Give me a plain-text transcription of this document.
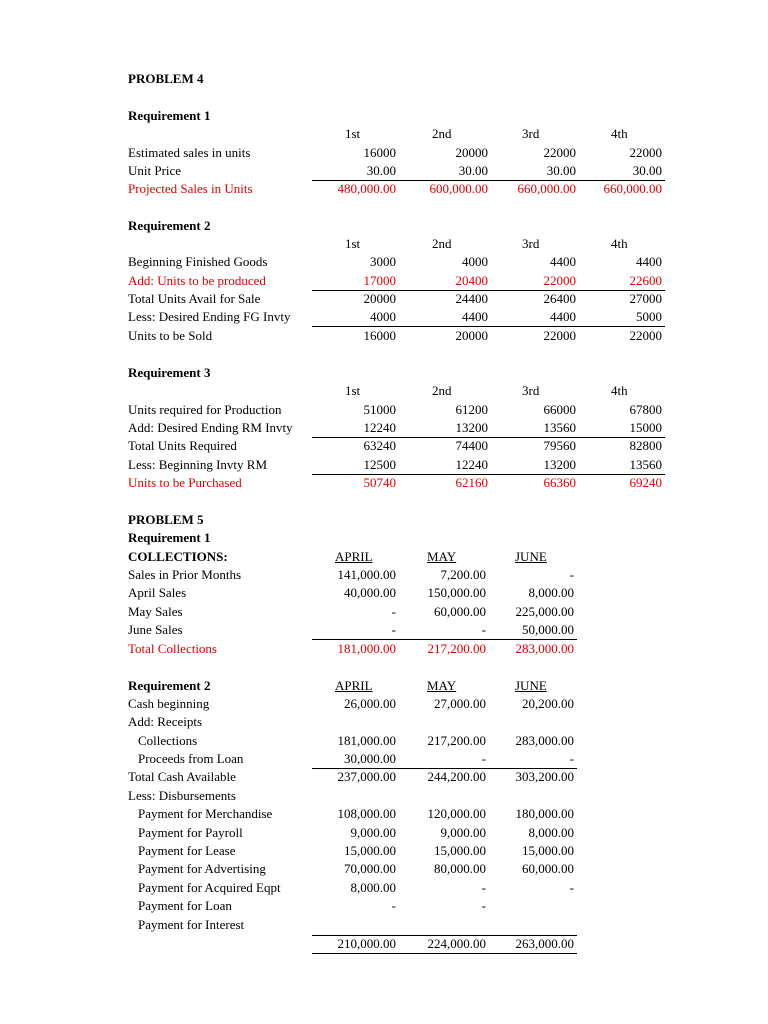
PROBLEM 4
Requirement 1
1st	2nd	3rd	4th
Estimated sales in units	16000	20000	22000	22000
Unit Price	30.00	30.00	30.00	30.00
Projected Sales in Units	480,000.00	600,000.00	660,000.00	660,000.00
Requirement 2
1st	2nd	3rd	4th
Beginning Finished Goods	3000	4000	4400	4400
Add: Units to be produced	17000	20400	22000	22600
Total Units Avail for Sale	20000	24400	26400	27000
Less: Desired Ending FG Invty	4000	4400	4400	5000
Units to be Sold	16000	20000	22000	22000
Requirement 3
1st	2nd	3rd	4th
Units required for Production	51000	61200	66000	67800
Add: Desired Ending RM Invty	12240	13200	13560	15000
Total Units Required	63240	74400	79560	82800
Less: Beginning Invty RM	12500	12240	13200	13560
Units to be Purchased	50740	62160	66360	69240
PROBLEM 5
Requirement 1
COLLECTIONS:	APRIL	MAY	JUNE
Sales in Prior Months	141,000.00	7,200.00	-
April Sales	40,000.00	150,000.00	8,000.00
May Sales	-	60,000.00	225,000.00
June Sales	-	-	50,000.00
Total Collections	181,000.00	217,200.00	283,000.00
Requirement 2	APRIL	MAY	JUNE
Cash beginning	26,000.00	27,000.00	20,200.00
Add: Receipts
Collections	181,000.00	217,200.00	283,000.00
Proceeds from Loan	30,000.00	-	-
Total Cash Available	237,000.00	244,200.00	303,200.00
Less: Disbursements
Payment for Merchandise	108,000.00	120,000.00	180,000.00
Payment for Payroll	9,000.00	9,000.00	8,000.00
Payment for Lease	15,000.00	15,000.00	15,000.00
Payment for Advertising	70,000.00	80,000.00	60,000.00
Payment for Acquired Eqpt	8,000.00	-	-
Payment for Loan	-	-
Payment for Interest
210,000.00	224,000.00	263,000.00
